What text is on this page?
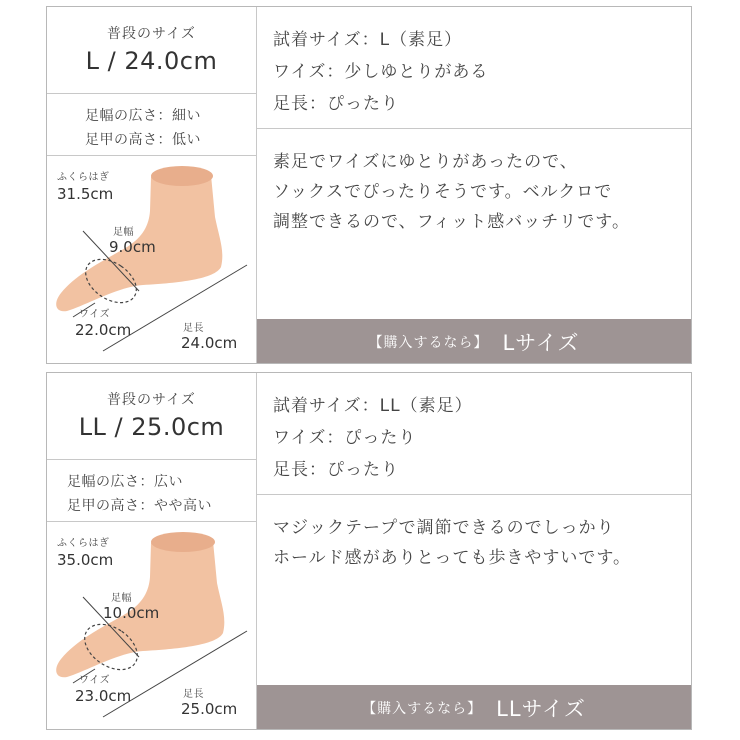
普段のサイズ
L / 24.0cm
足幅の広さ：細い
足甲の高さ：低い
ふくらはぎ
31.5cm
足幅
9.0cm
ワイズ
22.0cm	足長
24.0cm
試着サイズ：L（素足）
ワイズ：少しゆとりがある
足長：ぴったり
素足でワイズにゆとりがあったので、
ソックスでぴったりそうです。ベルクロで
調整できるので、フィット感バッチリです。
【購入するなら】 Lサイズ
普段のサイズ
LL / 25.0cm
足幅の広さ：広い
足甲の高さ：やや高い
ふくらはぎ
35.0cm
足幅
10.0cm
ワイズ
23.0cm	足長
25.0cm
試着サイズ：LL（素足）
ワイズ：ぴったり
足長：ぴったり
マジックテープで調節できるのでしっかり
ホールド感がありとっても歩きやすいです。
【購入するなら】 LLサイズ
